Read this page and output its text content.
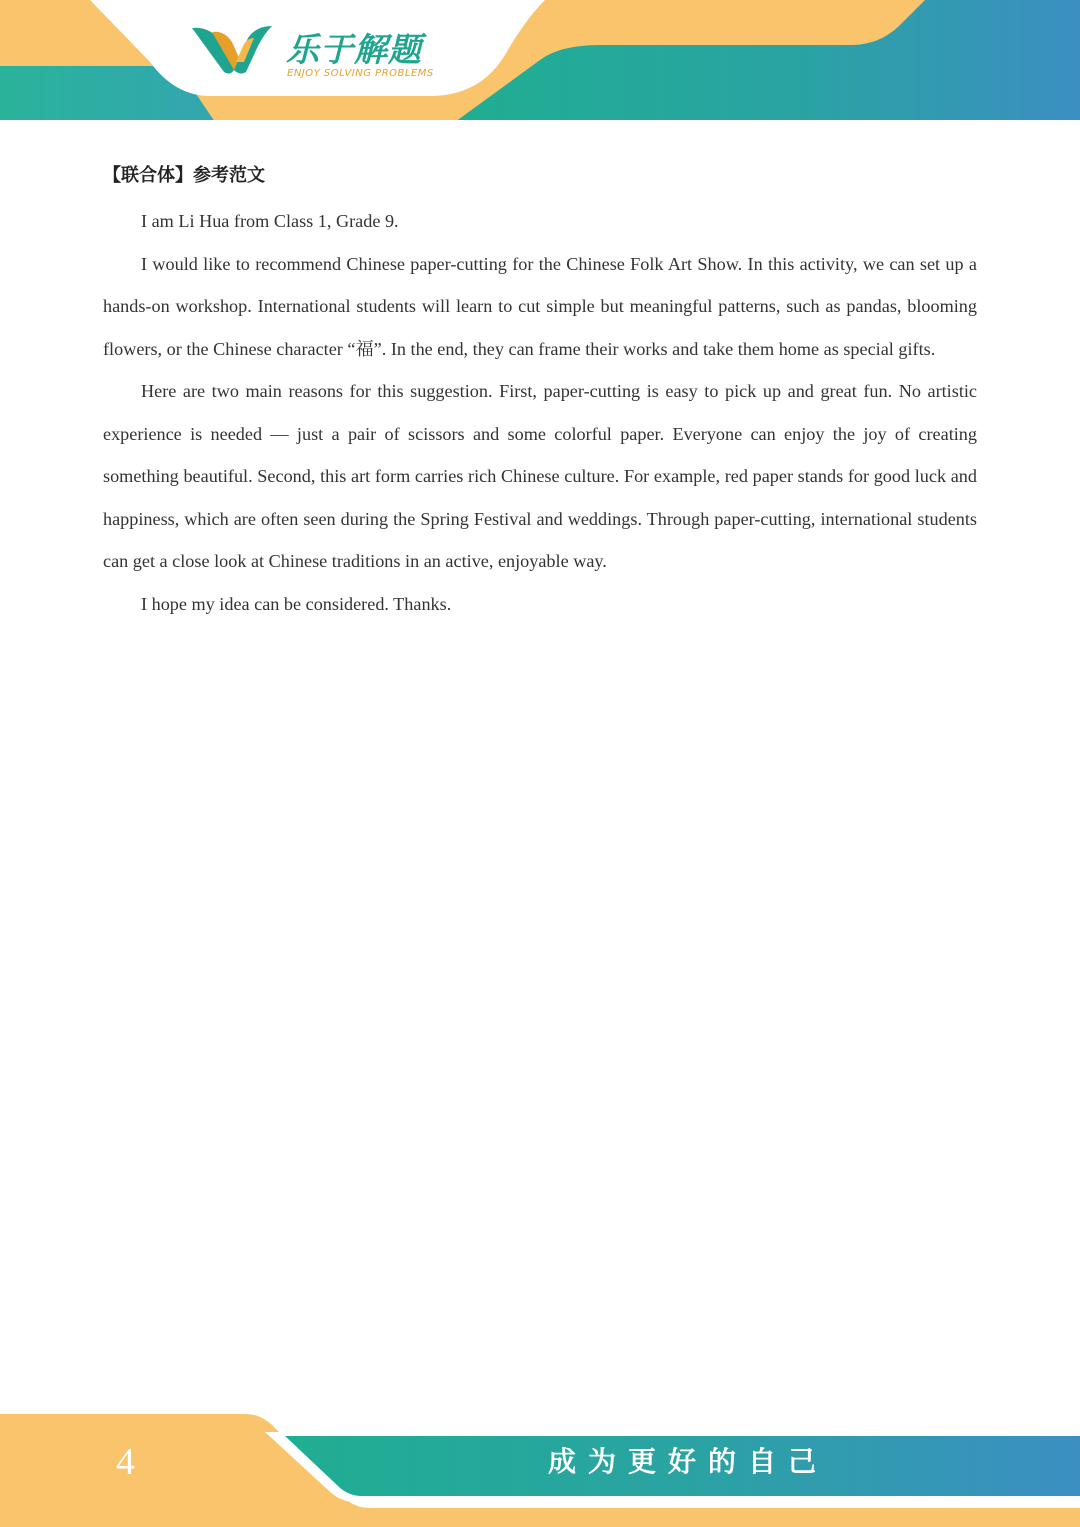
乐于解题
ENJOY SOLVING PROBLEMS
【联合体】参考范文

I am Li Hua from Class 1, Grade 9.

I would like to recommend Chinese paper-cutting for the Chinese Folk Art Show. In this activity, we can set up a hands-on workshop. International students will learn to cut simple but meaningful patterns, such as pandas, blooming flowers, or the Chinese character “福”. In the end, they can frame their works and take them home as special gifts.

Here are two main reasons for this suggestion. First, paper-cutting is easy to pick up and great fun. No artistic experience is needed — just a pair of scissors and some colorful paper. Everyone can enjoy the joy of creating something beautiful. Second, this art form carries rich Chinese culture. For example, red paper stands for good luck and happiness, which are often seen during the Spring Festival and weddings. Through paper-cutting, international students can get a close look at Chinese traditions in an active, enjoyable way.

I hope my idea can be considered. Thanks.

4	成为更好的自己
